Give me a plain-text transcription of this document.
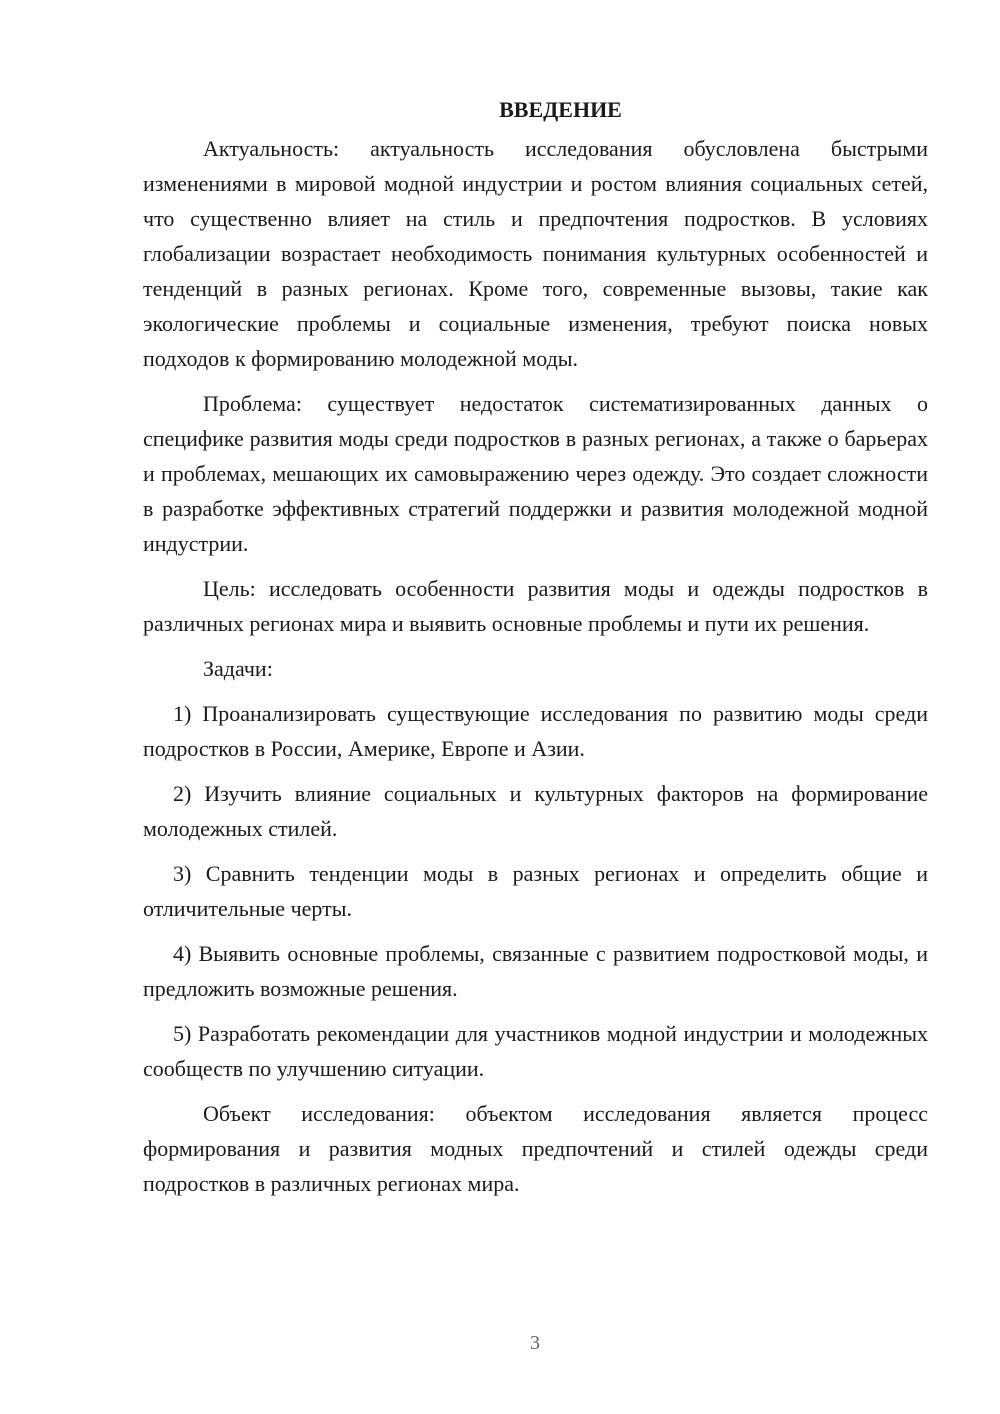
ВВЕДЕНИЕ

Актуальность: актуальность исследования обусловлена быстрыми изменениями в мировой модной индустрии и ростом влияния социальных сетей, что существенно влияет на стиль и предпочтения подростков. В условиях глобализации возрастает необходимость понимания культурных особенностей и тенденций в разных регионах. Кроме того, современные вызовы, такие как экологические проблемы и социальные изменения, требуют поиска новых подходов к формированию молодежной моды.

Проблема: существует недостаток систематизированных данных о специфике развития моды среди подростков в разных регионах, а также о барьерах и проблемах, мешающих их самовыражению через одежду. Это создает сложности в разработке эффективных стратегий поддержки и развития молодежной модной индустрии.

Цель: исследовать особенности развития моды и одежды подростков в различных регионах мира и выявить основные проблемы и пути их решения.

Задачи:

1) Проанализировать существующие исследования по развитию моды среди подростков в России, Америке, Европе и Азии.

2) Изучить влияние социальных и культурных факторов на формирование молодежных стилей.

3) Сравнить тенденции моды в разных регионах и определить общие и отличительные черты.

4) Выявить основные проблемы, связанные с развитием подростковой моды, и предложить возможные решения.

5) Разработать рекомендации для участников модной индустрии и молодежных сообществ по улучшению ситуации.

Объект исследования: объектом исследования является процесс формирования и развития модных предпочтений и стилей одежды среди подростков в различных регионах мира.

3
